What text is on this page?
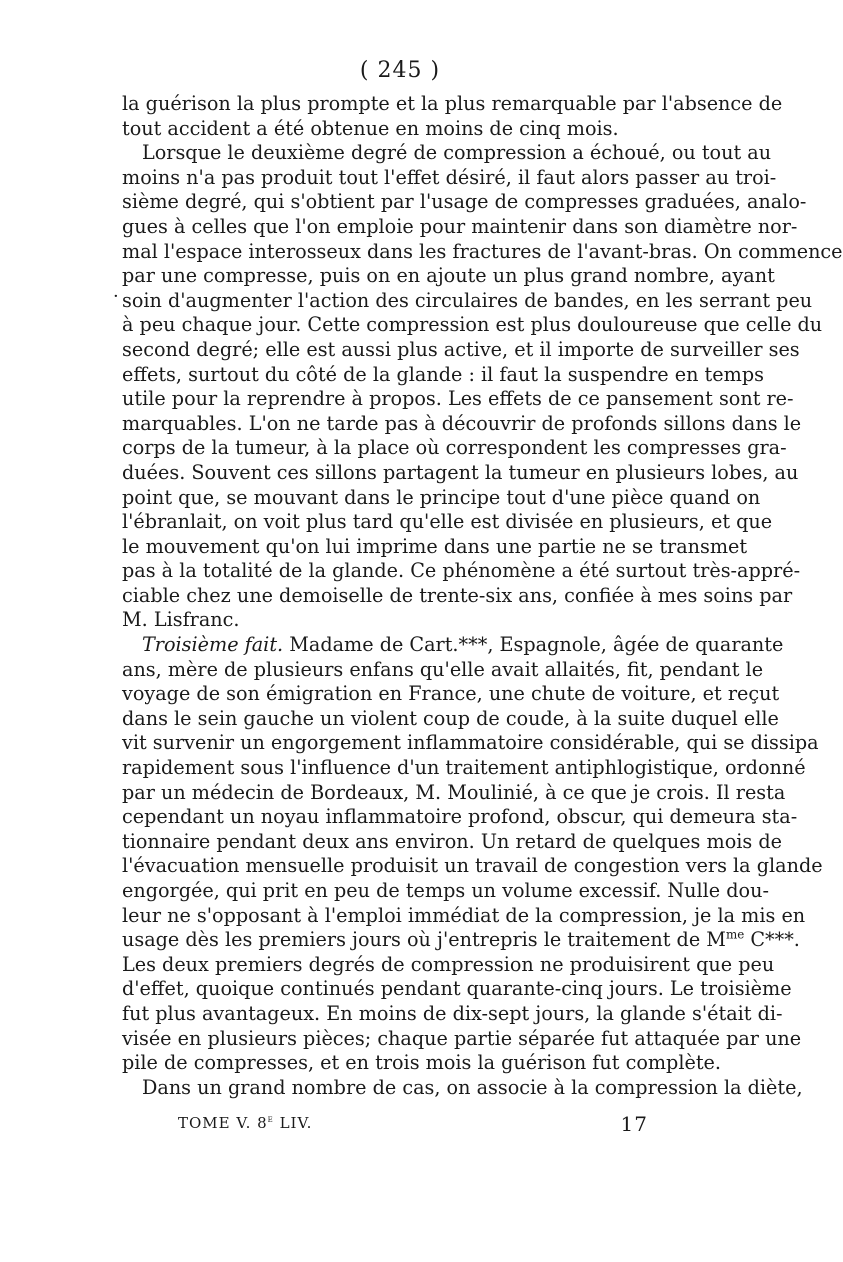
( 245 )
·
la guérison la plus prompte et la plus remarquable par l'absence de
tout accident a été obtenue en moins de cinq mois.
Lorsque le deuxième degré de compression a échoué, ou tout au
moins n'a pas produit tout l'effet désiré, il faut alors passer au troi-
sième degré, qui s'obtient par l'usage de compresses graduées, analo-
gues à celles que l'on emploie pour maintenir dans son diamètre nor-
mal l'espace interosseux dans les fractures de l'avant-bras. On commence
par une compresse, puis on en ajoute un plus grand nombre, ayant
soin d'augmenter l'action des circulaires de bandes, en les serrant peu
à peu chaque jour. Cette compression est plus douloureuse que celle du
second degré; elle est aussi plus active, et il importe de surveiller ses
effets, surtout du côté de la glande : il faut la suspendre en temps
utile pour la reprendre à propos. Les effets de ce pansement sont re-
marquables. L'on ne tarde pas à découvrir de profonds sillons dans le
corps de la tumeur, à la place où correspondent les compresses gra-
duées. Souvent ces sillons partagent la tumeur en plusieurs lobes, au
point que, se mouvant dans le principe tout d'une pièce quand on
l'ébranlait, on voit plus tard qu'elle est divisée en plusieurs, et que
le mouvement qu'on lui imprime dans une partie ne se transmet
pas à la totalité de la glande. Ce phénomène a été surtout très-appré-
ciable chez une demoiselle de trente-six ans, confiée à mes soins par
M. Lisfranc.
Troisième fait. Madame de Cart.***, Espagnole, âgée de quarante
ans, mère de plusieurs enfans qu'elle avait allaités, fit, pendant le
voyage de son émigration en France, une chute de voiture, et reçut
dans le sein gauche un violent coup de coude, à la suite duquel elle
vit survenir un engorgement inflammatoire considérable, qui se dissipa
rapidement sous l'influence d'un traitement antiphlogistique, ordonné
par un médecin de Bordeaux, M. Moulinié, à ce que je crois. Il resta
cependant un noyau inflammatoire profond, obscur, qui demeura sta-
tionnaire pendant deux ans environ. Un retard de quelques mois de
l'évacuation mensuelle produisit un travail de congestion vers la glande
engorgée, qui prit en peu de temps un volume excessif. Nulle dou-
leur ne s'opposant à l'emploi immédiat de la compression, je la mis en
usage dès les premiers jours où j'entrepris le traitement de $M^{me}$ C***.
Les deux premiers degrés de compression ne produisirent que peu
d'effet, quoique continués pendant quarante-cinq jours. Le troisième
fut plus avantageux. En moins de dix-sept jours, la glande s'était di-
visée en plusieurs pièces; chaque partie séparée fut attaquée par une
pile de compresses, et en trois mois la guérison fut complète.
Dans un grand nombre de cas, on associe à la compression la diète,
TOME V. 8e LIV.	17
